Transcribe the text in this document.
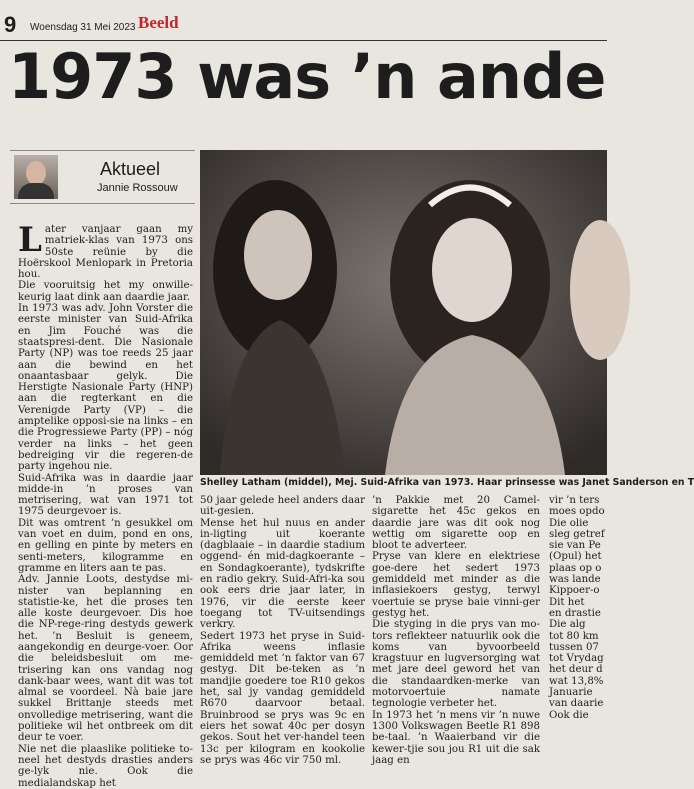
9 Woensdag 31 Mei 2023 Beeld
1973 was ’n ande
Aktueel
Jannie Rossouw

Later vanjaar gaan my matriek-klas van 1973 ons 50ste reünie by die Hoërskool Menlopark in Pretoria hou.

Die vooruitsig het my onwille-keurig laat dink aan daardie jaar.

In 1973 was adv. John Vorster die eerste minister van Suid-Afrika en Jim Fouché was die staatspresi-dent. Die Nasionale Party (NP) was toe reeds 25 jaar aan die bewind en het onaantasbaar gelyk. Die Herstigte Nasionale Party (HNP) aan die regterkant en die Verenigde Party (VP) – die amptelike opposi-sie na links – en die Progressiewe Party (PP) – nóg verder na links – het geen bedreiging vir die regeren-de party ingehou nie.

Suid-Afrika was in daardie jaar midde-in ’n proses van metrisering, wat van 1971 tot 1975 deurgevoer is.

Dit was omtrent ’n gesukkel om van voet en duim, pond en ons, en gelling en pinte by meters en senti-meters, kilogramme en gramme en liters aan te pas.

Adv. Jannie Loots, destydse mi-nister van beplanning en statistie-ke, het die proses ten alle koste deurgevoer. Dis hoe die NP-rege-ring destyds gewerk het. ’n Besluit is geneem, aangekondig en deurge-voer. Oor die beleidsbesluit om me-trisering kan ons vandag nog dank-baar wees, want dit was tot almal se voordeel. Nà baie jare sukkel Brittanje steeds met onvolledige metrisering, want die politieke wil het ontbreek om dit deur te voer.

Nie net die plaaslike politieke to-neel het destyds drasties anders ge-lyk nie. Ook die medialandskap het

Shelley Latham (middel), Mej. Suid-Afrika van 1973. Haar prinsesse was Janet Sanderson en T

50 jaar gelede heel anders daar uit-gesien.

Mense het hul nuus en ander in-ligting uit koerante (dagblaaie – in daardie stadium oggend- én mid-dagkoerante – en Sondagkoerante), tydskrifte en radio gekry. Suid-Afri-ka sou ook eers drie jaar later, in 1976, vir die eerste keer toegang tot TV-uitsendings verkry.

Sedert 1973 het pryse in Suid-Afrika weens inflasie gemiddeld met ’n faktor van 67 gestyg. Dit be-teken as ’n mandjie goedere toe R10 gekos het, sal jy vandag gemiddeld R670 daarvoor betaal. Bruinbrood se prys was 9c en eiers het sowat 40c per dosyn gekos. Sout het ver-handel teen 13c per kilogram en kookolie se prys was 46c vir 750 ml.

’n Pakkie met 20 Camel-sigarette het 45c gekos en daardie jare was dit ook nog wettig om sigarette oop en bloot te adverteer.

Pryse van klere en elektriese goe-dere het sedert 1973 gemiddeld met minder as die inflasiekoers gestyg, terwyl voertuie se pryse baie vinni-ger gestyg het.

Die styging in die prys van mo-tors reflekteer natuurlik ook die koms van byvoorbeeld kragstuur en lugversorging wat met jare deel geword het van die standaardken-merke van motorvoertuie namate tegnologie verbeter het.

In 1973 het ’n mens vir ’n nuwe 1300 Volkswagen Beetle R1 898 be-taal. ’n Waaierband vir die kewer-tjie sou jou R1 uit die sak jaag en

vir ’n ters
moes opdo
Die olie
sleg getref
sie van Pe
(Opul) het
plaas op o
was lande
Kippoer-o
Dit het
en drastie
Die alg
tot 80 km
tussen 07
tot Vrydag
het deur d
wat 13,8%
Januarie
van daarie
Ook die
